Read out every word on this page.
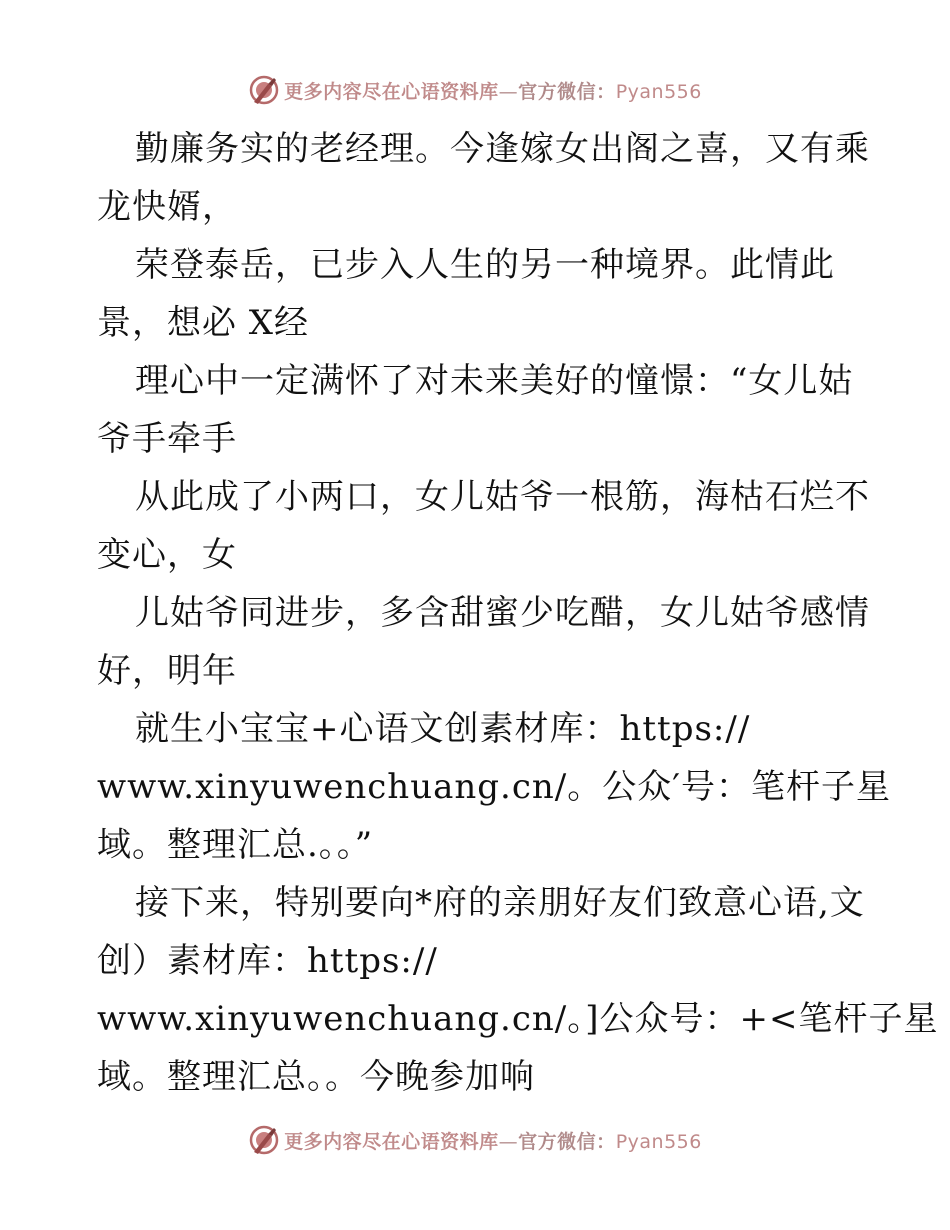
更多内容尽在心语资料库—官方微信：Pyan556
勤廉务实的老经理。今逢嫁女出阁之喜，又有乘
龙快婿，
荣登泰岳，已步入人生的另一种境界。此情此
景，想必 X经
理心中一定满怀了对未来美好的憧憬：“女儿姑
爷手牵手
从此成了小两口，女儿姑爷一根筋，海枯石烂不
变心，女
儿姑爷同进步，多含甜蜜少吃醋，女儿姑爷感情
好，明年
就生小宝宝+心语文创素材库：https://
www.xinyuwenchuang.cn/。公众′号：笔杆子星
域。整理汇总.。。”
接下来，特别要向*府的亲朋好友们致意心语,文
创）素材库：https://
www.xinyuwenchuang.cn/。]公众号：+<笔杆子星
域。整理汇总。。今晚参加响
更多内容尽在心语资料库—官方微信：Pyan556
